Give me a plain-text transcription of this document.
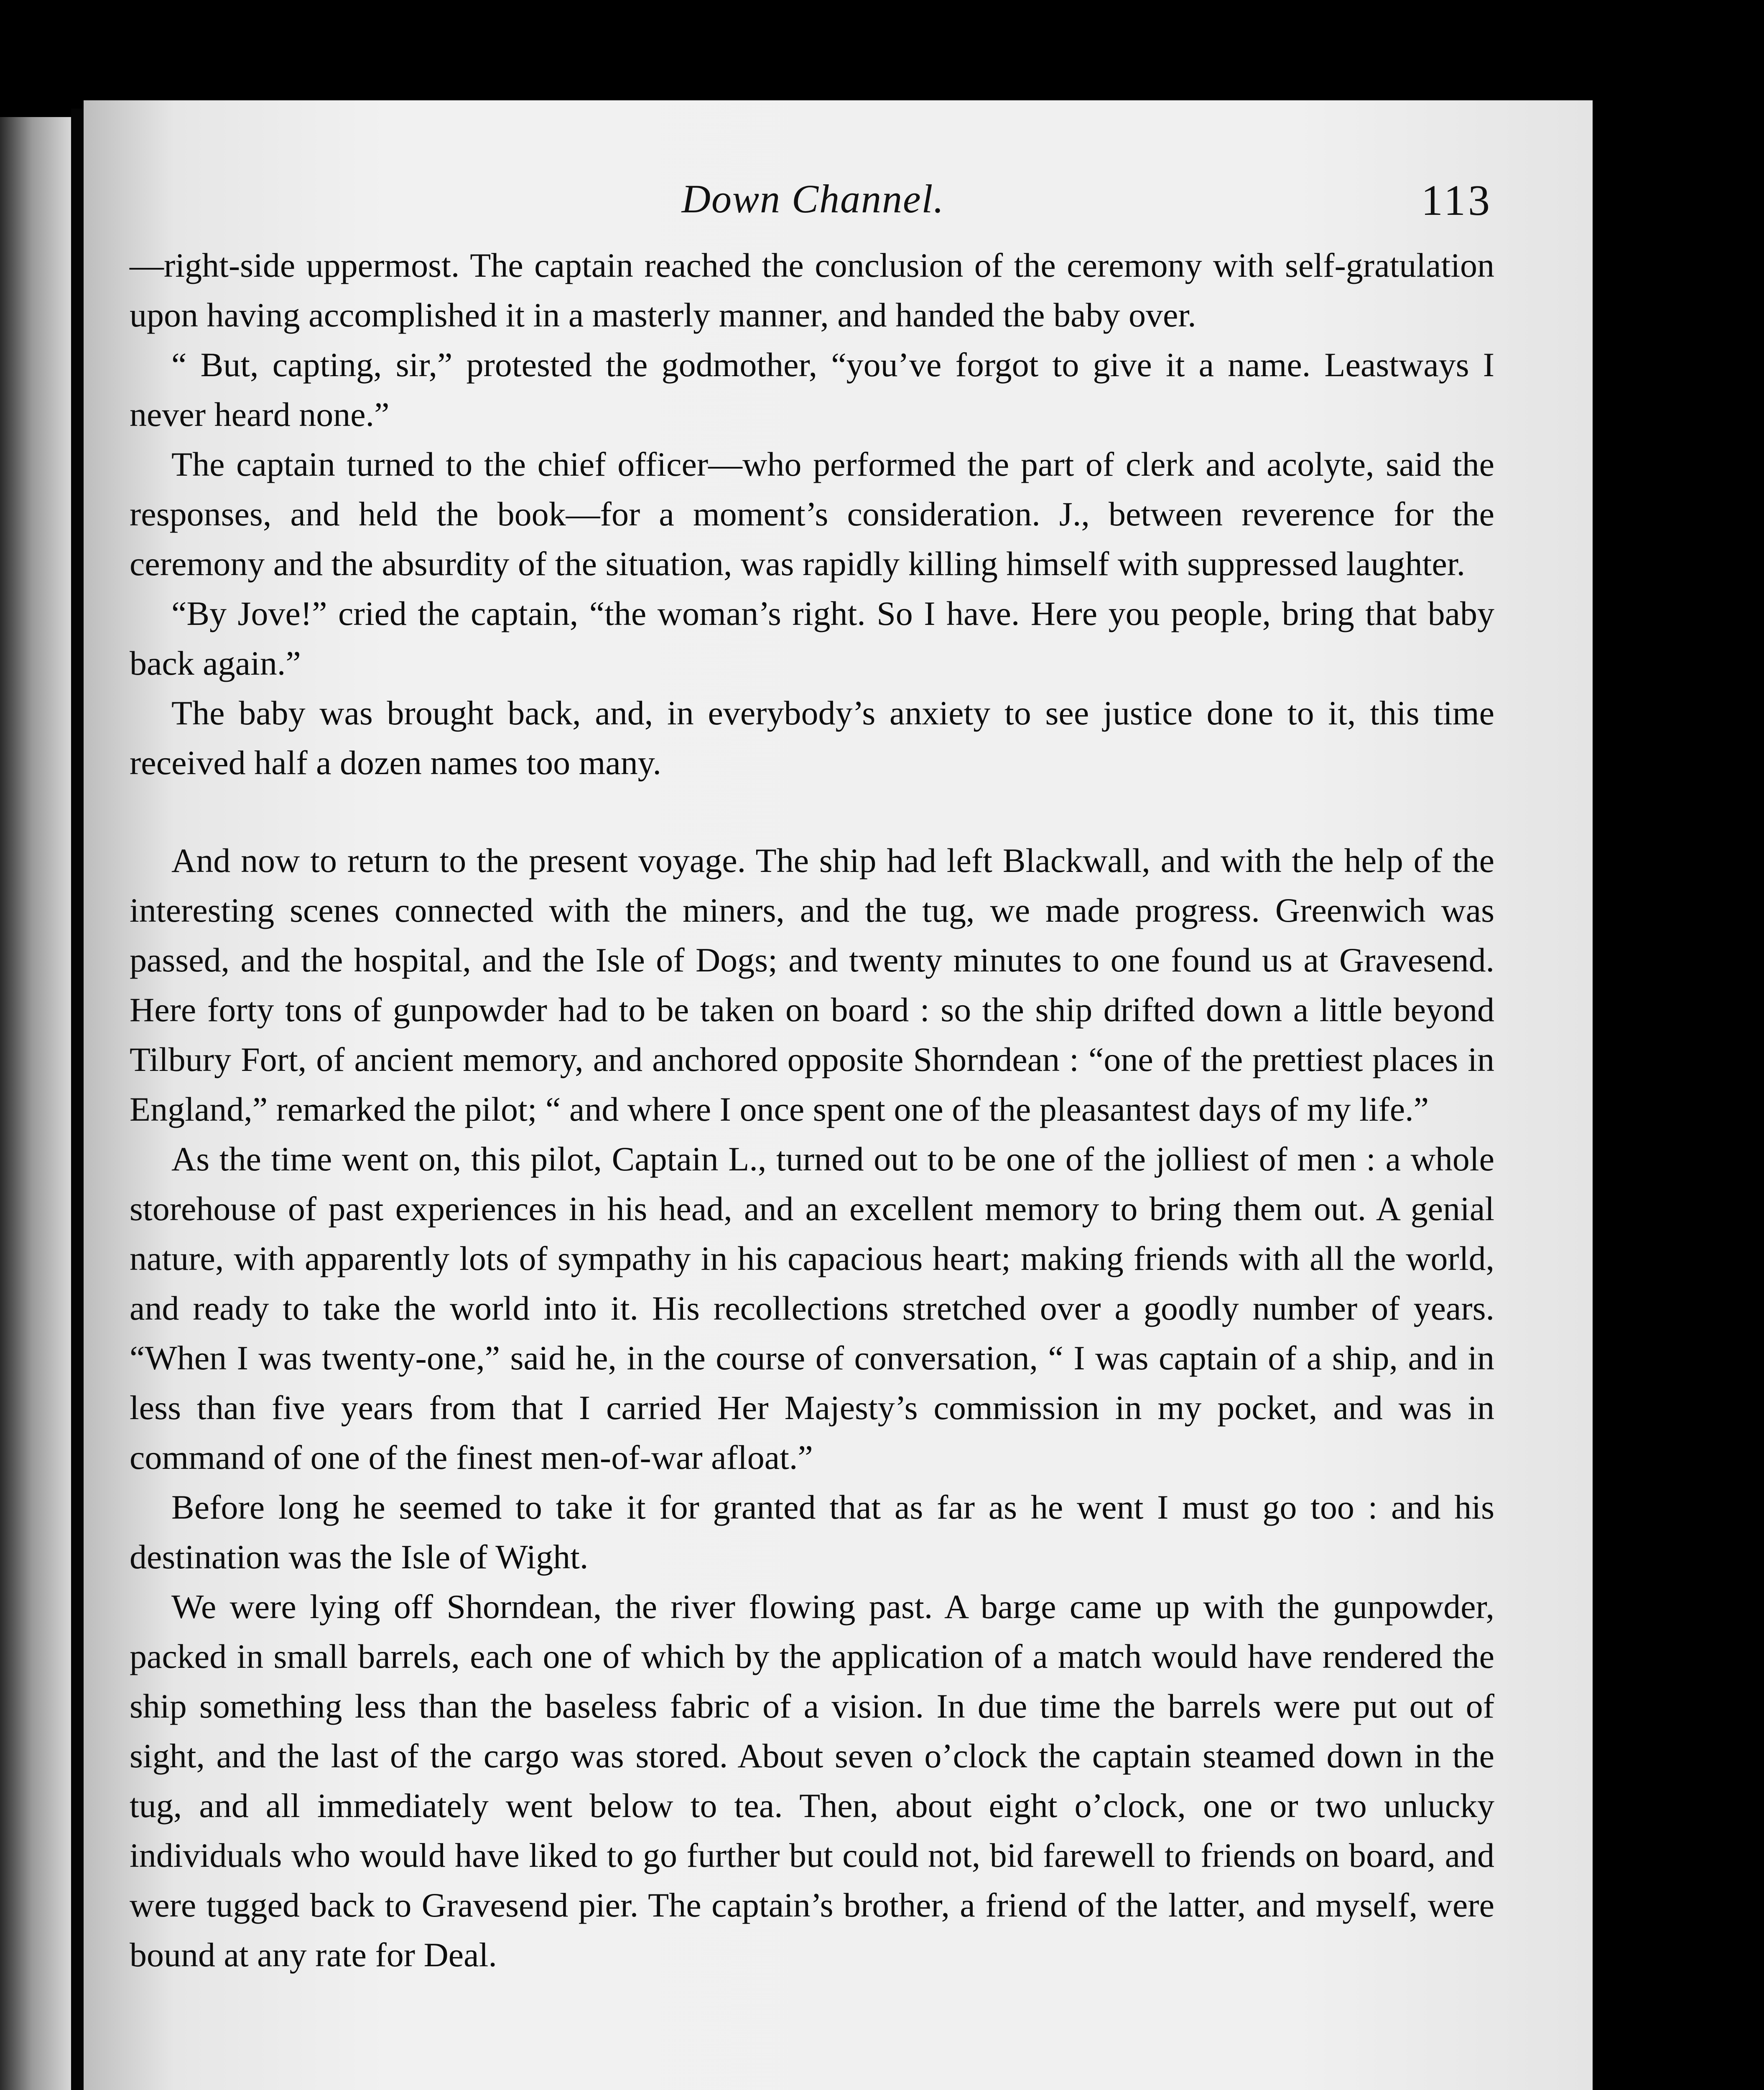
Down Channel.	113

—right-side uppermost. The captain reached the conclusion of the ceremony with self-gratulation upon having accomplished it in a masterly manner, and handed the baby over.

“ But, capting, sir,” protested the godmother, “you’ve forgot to give it a name. Leastways I never heard none.”

The captain turned to the chief officer—who performed the part of clerk and acolyte, said the responses, and held the book—for a moment’s consideration. J., between reverence for the ceremony and the absurdity of the situation, was rapidly killing himself with suppressed laughter.

“By Jove!” cried the captain, “the woman’s right. So I have. Here you people, bring that baby back again.”

The baby was brought back, and, in everybody’s anxiety to see justice done to it, this time received half a dozen names too many.

And now to return to the present voyage. The ship had left Blackwall, and with the help of the interesting scenes connected with the miners, and the tug, we made progress. Greenwich was passed, and the hospital, and the Isle of Dogs; and twenty minutes to one found us at Gravesend. Here forty tons of gunpowder had to be taken on board : so the ship drifted down a little beyond Tilbury Fort, of ancient memory, and anchored opposite Shorndean : “one of the prettiest places in England,” remarked the pilot; “ and where I once spent one of the pleasantest days of my life.”

As the time went on, this pilot, Captain L., turned out to be one of the jolliest of men : a whole storehouse of past experiences in his head, and an excellent memory to bring them out. A genial nature, with apparently lots of sympathy in his capacious heart; making friends with all the world, and ready to take the world into it. His recollections stretched over a goodly number of years. “When I was twenty-one,” said he, in the course of conversation, “ I was captain of a ship, and in less than five years from that I carried Her Majesty’s commission in my pocket, and was in command of one of the finest men-of-war afloat.”

Before long he seemed to take it for granted that as far as he went I must go too : and his destination was the Isle of Wight.

We were lying off Shorndean, the river flowing past. A barge came up with the gunpowder, packed in small barrels, each one of which by the application of a match would have rendered the ship something less than the baseless fabric of a vision. In due time the barrels were put out of sight, and the last of the cargo was stored. About seven o’clock the captain steamed down in the tug, and all immediately went below to tea. Then, about eight o’clock, one or two unlucky individuals who would have liked to go further but could not, bid farewell to friends on board, and were tugged back to Gravesend pier. The captain’s brother, a friend of the latter, and myself, were bound at any rate for Deal.
